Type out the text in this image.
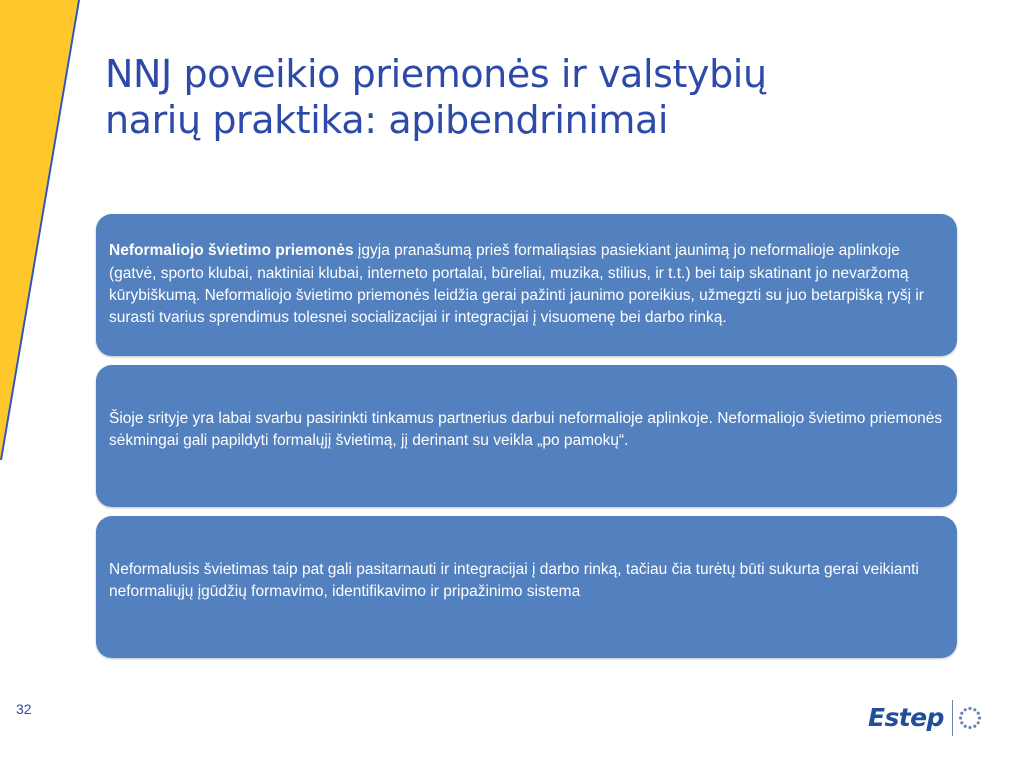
NNJ poveikio priemonės ir valstybių
narių praktika: apibendrinimai

Neformaliojo švietimo priemonės įgyja pranašumą prieš formaliąsias pasiekiant jaunimą jo neformalioje aplinkoje (gatvė, sporto klubai, naktiniai klubai, interneto portalai, būreliai, muzika, stilius, ir t.t.) bei taip skatinant jo nevaržomą kūrybiškumą. Neformaliojo švietimo priemonės leidžia gerai pažinti jaunimo poreikius, užmegzti su juo betarpišką ryšį ir surasti tvarius sprendimus tolesnei socializacijai ir integracijai į visuomenę bei darbo rinką.

Šioje srityje yra labai svarbu pasirinkti tinkamus partnerius darbui neformalioje aplinkoje. Neformaliojo švietimo priemonės sėkmingai gali papildyti formalųjį švietimą, jį derinant su veikla „po pamokų“.

Neformalusis švietimas taip pat gali pasitarnauti ir integracijai į darbo rinką, tačiau čia turėtų būti sukurta gerai veikianti neformaliųjų įgūdžių formavimo, identifikavimo ir pripažinimo sistema

32	Estep
